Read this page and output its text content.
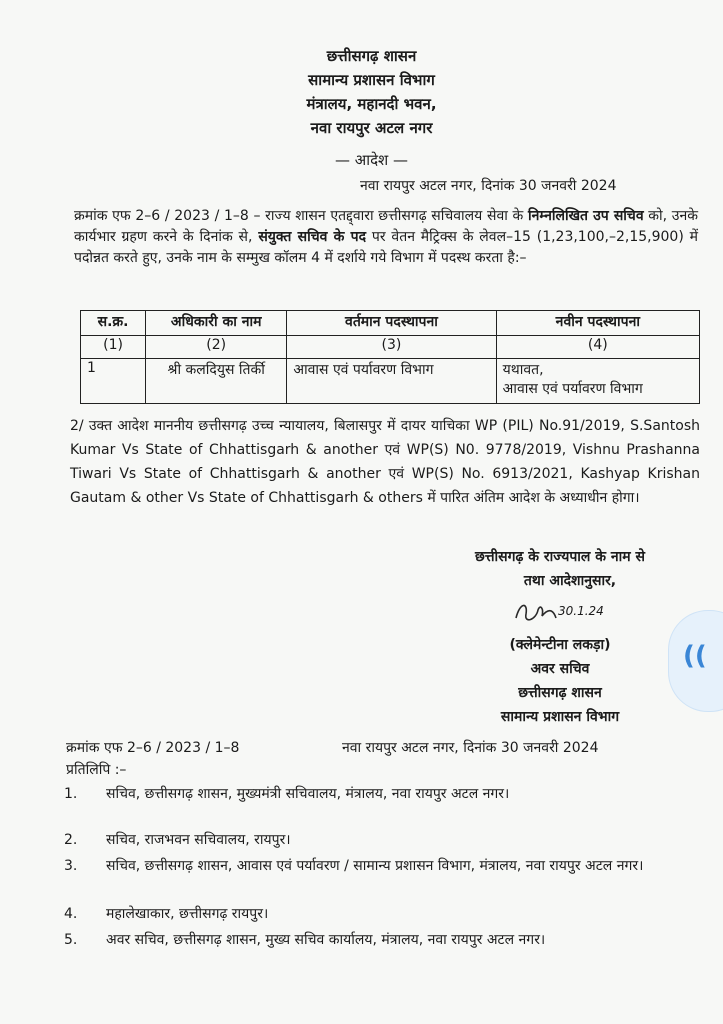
छत्तीसगढ़ शासन
सामान्य प्रशासन विभाग
मंत्रालय, महानदी भवन,
नवा रायपुर अटल नगर
— आदेश —
नवा रायपुर अटल नगर, दिनांक 30 जनवरी 2024
क्रमांक एफ 2–6 / 2023 / 1–8 – राज्य शासन एतद्द्वारा छत्तीसगढ़ सचिवालय सेवा के निम्नलिखित उप सचिव को, उनके कार्यभार ग्रहण करने के दिनांक से, संयुक्त सचिव के पद पर वेतन मैट्रिक्स के लेवल–15 (1,23,100,–2,15,900) में पदोन्नत करते हुए, उनके नाम के सम्मुख कॉलम 4 में दर्शाये गये विभाग में पदस्थ करता है:–
स.क्र.	अधिकारी का नाम	वर्तमान पदस्थापना	नवीन पदस्थापना
(1)	(2)	(3)	(4)
1	श्री कलदियुस तिर्की	आवास एवं पर्यावरण विभाग	यथावत,
आवास एवं पर्यावरण विभाग
2/ उक्त आदेश माननीय छत्तीसगढ़ उच्च न्यायालय, बिलासपुर में दायर याचिका WP (PIL) No.91/2019, S.Santosh Kumar Vs State of Chhattisgarh & another एवं WP(S) N0. 9778/2019, Vishnu Prashanna Tiwari Vs State of Chhattisgarh & another एवं WP(S) No. 6913/2021, Kashyap Krishan Gautam & other Vs State of Chhattisgarh & others में पारित अंतिम आदेश के अध्याधीन होगा।
छत्तीसगढ़ के राज्यपाल के नाम से
तथा आदेशानुसार,
30.1.24
(क्लेमेन्टीना लकड़ा)
अवर सचिव
छत्तीसगढ़ शासन
सामान्य प्रशासन विभाग
क्रमांक एफ 2–6 / 2023 / 1–8	नवा रायपुर अटल नगर, दिनांक 30 जनवरी 2024
प्रतिलिपि :–
1.	सचिव, छत्तीसगढ़ शासन, मुख्यमंत्री सचिवालय, मंत्रालय, नवा रायपुर अटल नगर।
2.	सचिव, राजभवन सचिवालय, रायपुर।
3.	सचिव, छत्तीसगढ़ शासन, आवास एवं पर्यावरण / सामान्य प्रशासन विभाग, मंत्रालय, नवा रायपुर अटल नगर।
4.	महालेखाकार, छत्तीसगढ़ रायपुर।
5.	अवर सचिव, छत्तीसगढ़ शासन, मुख्य सचिव कार्यालय, मंत्रालय, नवा रायपुर अटल नगर।
((
